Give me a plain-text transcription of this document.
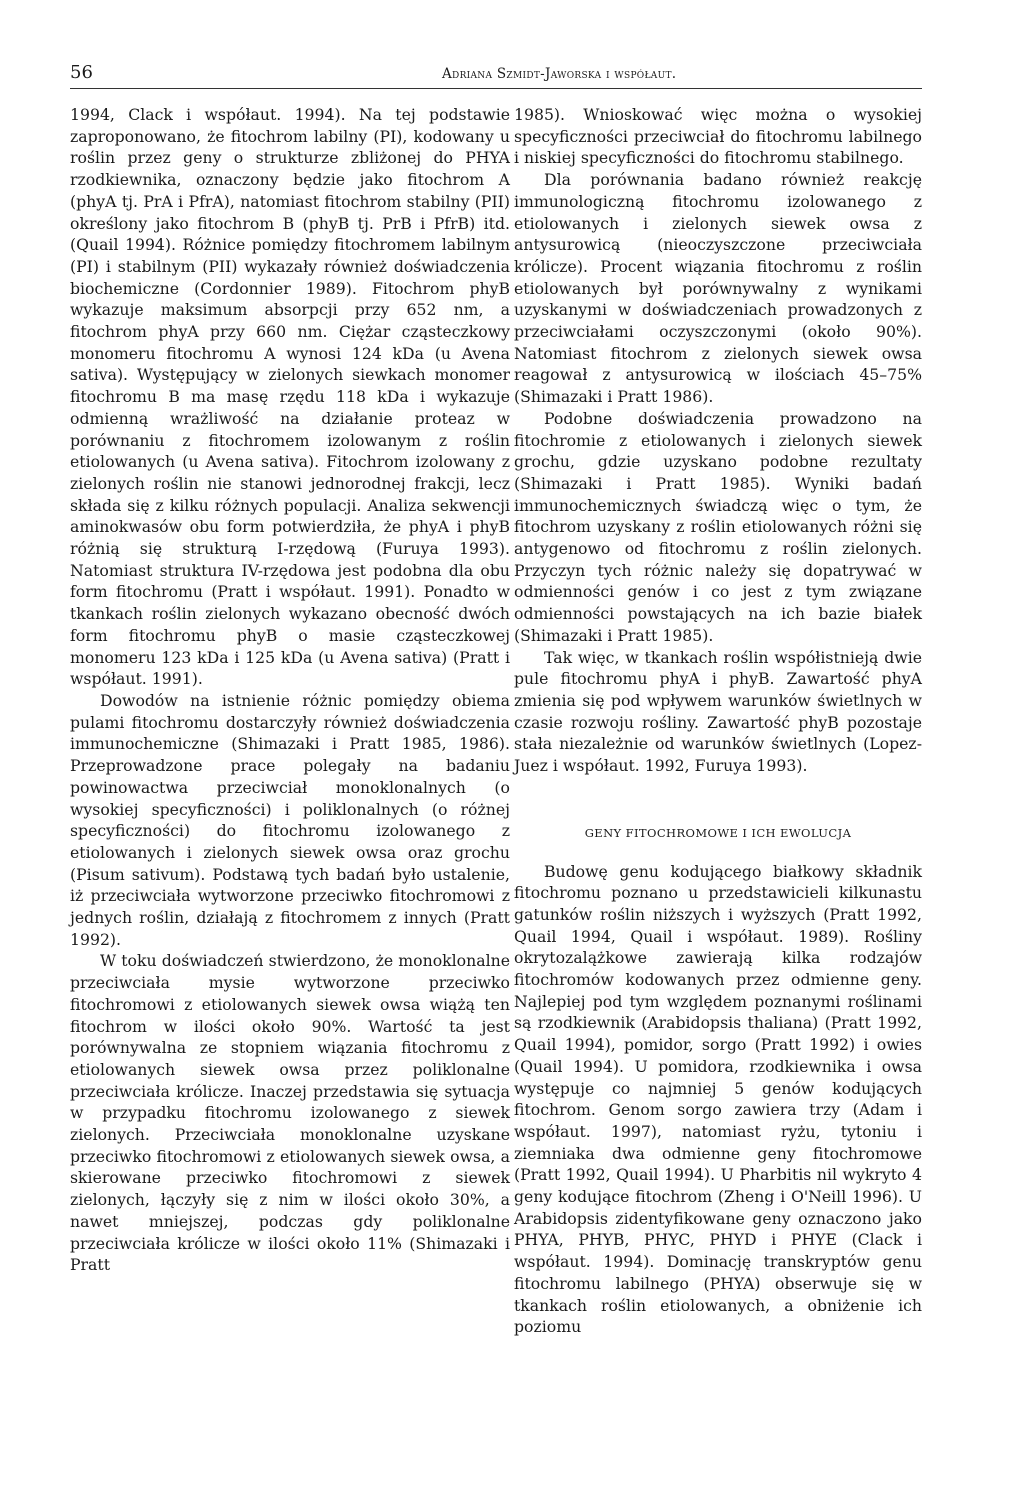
56	Adriana Szmidt-Jaworska i współaut.

1994, Clack i współaut. 1994). Na tej podstawie zaproponowano, że fitochrom labilny (PI), kodowany u roślin przez geny o strukturze zbliżonej do PHYA rzodkiewnika, oznaczony będzie jako fitochrom A (phyA tj. PrA i PfrA), natomiast fitochrom stabilny (PII) określony jako fitochrom B (phyB tj. PrB i PfrB) itd. (Quail 1994). Różnice pomiędzy fitochromem labilnym (PI) i stabilnym (PII) wykazały również doświadczenia biochemiczne (Cordonnier 1989). Fitochrom phyB wykazuje maksimum absorpcji przy 652 nm, a fitochrom phyA przy 660 nm. Ciężar cząsteczkowy monomeru fitochromu A wynosi 124 kDa (u Avena sativa). Występujący w zielonych siewkach monomer fitochromu B ma masę rzędu 118 kDa i wykazuje odmienną wrażliwość na działanie proteaz w porównaniu z fitochromem izolowanym z roślin etiolowanych (u Avena sativa). Fitochrom izolowany z zielonych roślin nie stanowi jednorodnej frakcji, lecz składa się z kilku różnych populacji. Analiza sekwencji aminokwasów obu form potwierdziła, że phyA i phyB różnią się strukturą I-rzędową (Furuya 1993). Natomiast struktura IV-rzędowa jest podobna dla obu form fitochromu (Pratt i współaut. 1991). Ponadto w tkankach roślin zielonych wykazano obecność dwóch form fitochromu phyB o masie cząsteczkowej monomeru 123 kDa i 125 kDa (u Avena sativa) (Pratt i współaut. 1991).

Dowodów na istnienie różnic pomiędzy obiema pulami fitochromu dostarczyły również doświadczenia immunochemiczne (Shimazaki i Pratt 1985, 1986). Przeprowadzone prace polegały na badaniu powinowactwa przeciwciał monoklonalnych (o wysokiej specyficzności) i poliklonalnych (o różnej specyficzności) do fitochromu izolowanego z etiolowanych i zielonych siewek owsa oraz grochu (Pisum sativum). Podstawą tych badań było ustalenie, iż przeciwciała wytworzone przeciwko fitochromowi z jednych roślin, działają z fitochromem z innych (Pratt 1992).

W toku doświadczeń stwierdzono, że monoklonalne przeciwciała mysie wytworzone przeciwko fitochromowi z etiolowanych siewek owsa wiążą ten fitochrom w ilości około 90%. Wartość ta jest porównywalna ze stopniem wiązania fitochromu z etiolowanych siewek owsa przez poliklonalne przeciwciała królicze. Inaczej przedstawia się sytuacja w przypadku fitochromu izolowanego z siewek zielonych. Przeciwciała monoklonalne uzyskane przeciwko fitochromowi z etiolowanych siewek owsa, a skierowane przeciwko fitochromowi z siewek zielonych, łączyły się z nim w ilości około 30%, a nawet mniejszej, podczas gdy poliklonalne przeciwciała królicze w ilości około 11% (Shimazaki i Pratt

1985). Wnioskować więc można o wysokiej specyficzności przeciwciał do fitochromu labilnego i niskiej specyficzności do fitochromu stabilnego.

Dla porównania badano również reakcję immunologiczną fitochromu izolowanego z etiolowanych i zielonych siewek owsa z antysurowicą (nieoczyszczone przeciwciała królicze). Procent wiązania fitochromu z roślin etiolowanych był porównywalny z wynikami uzyskanymi w doświadczeniach prowadzonych z przeciwciałami oczyszczonymi (około 90%). Natomiast fitochrom z zielonych siewek owsa reagował z antysurowicą w ilościach 45–75% (Shimazaki i Pratt 1986).

Podobne doświadczenia prowadzono na fitochromie z etiolowanych i zielonych siewek grochu, gdzie uzyskano podobne rezultaty (Shimazaki i Pratt 1985). Wyniki badań immunochemicznych świadczą więc o tym, że fitochrom uzyskany z roślin etiolowanych różni się antygenowo od fitochromu z roślin zielonych. Przyczyn tych różnic należy się dopatrywać w odmienności genów i co jest z tym związane odmienności powstających na ich bazie białek (Shimazaki i Pratt 1985).

Tak więc, w tkankach roślin współistnieją dwie pule fitochromu phyA i phyB. Zawartość phyA zmienia się pod wpływem warunków świetlnych w czasie rozwoju rośliny. Zawartość phyB pozostaje stała niezależnie od warunków świetlnych (Lopez-Juez i współaut. 1992, Furuya 1993).

GENY FITOCHROMOWE I ICH EWOLUCJA

Budowę genu kodującego białkowy składnik fitochromu poznano u przedstawicieli kilkunastu gatunków roślin niższych i wyższych (Pratt 1992, Quail 1994, Quail i współaut. 1989). Rośliny okrytozalążkowe zawierają kilka rodzajów fitochromów kodowanych przez odmienne geny. Najlepiej pod tym względem poznanymi roślinami są rzodkiewnik (Arabidopsis thaliana) (Pratt 1992, Quail 1994), pomidor, sorgo (Pratt 1992) i owies (Quail 1994). U pomidora, rzodkiewnika i owsa występuje co najmniej 5 genów kodujących fitochrom. Genom sorgo zawiera trzy (Adam i współaut. 1997), natomiast ryżu, tytoniu i ziemniaka dwa odmienne geny fitochromowe (Pratt 1992, Quail 1994). U Pharbitis nil wykryto 4 geny kodujące fitochrom (Zheng i O'Neill 1996). U Arabidopsis zidentyfikowane geny oznaczono jako PHYA, PHYB, PHYC, PHYD i PHYE (Clack i współaut. 1994). Dominację transkryptów genu fitochromu labilnego (PHYA) obserwuje się w tkankach roślin etiolowanych, a obniżenie ich poziomu
